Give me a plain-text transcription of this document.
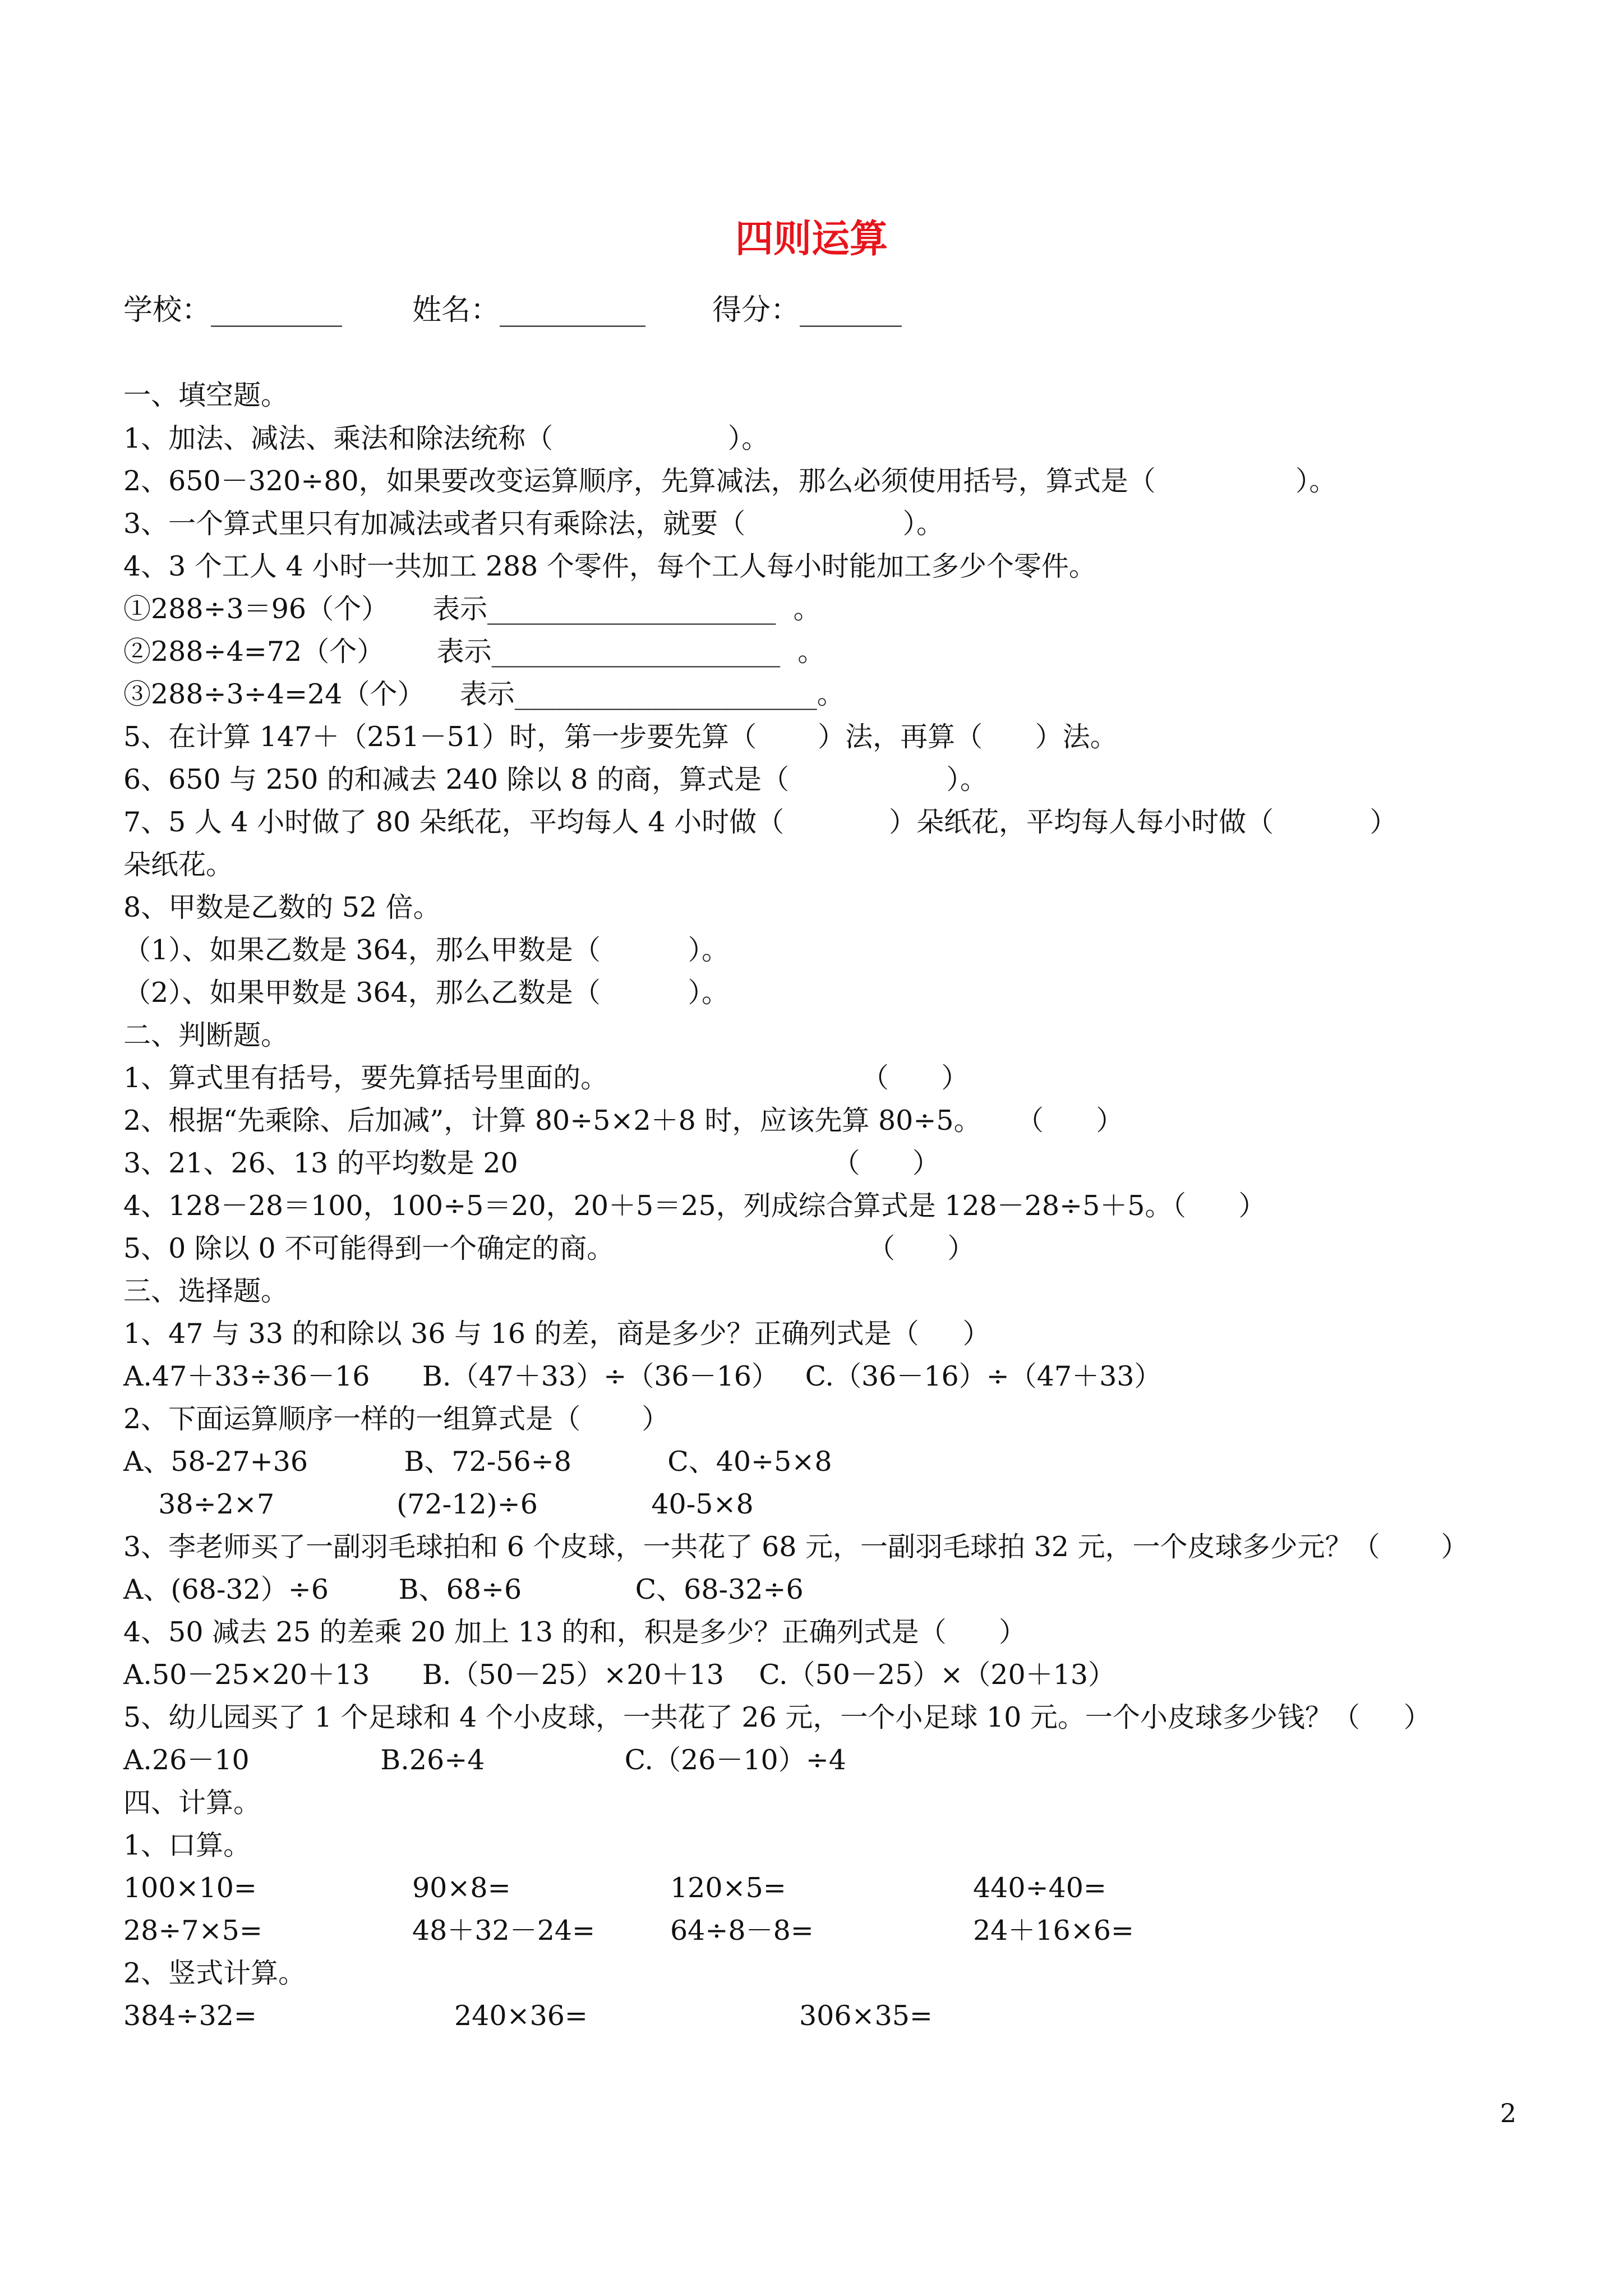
四则运算
学校：_________ 姓名：__________ 得分：_______
一、填空题。
1、加法、减法、乘法和除法统称（                    ）。
2、650－320÷80，如果要改变运算顺序，先算减法，那么必须使用括号，算式是（                ）。
3、一个算式里只有加减法或者只有乘除法，就要（                  ）。
4、3 个工人 4 小时一共加工 288 个零件，每个工人每小时能加工多少个零件。
①288÷3＝96（个）     表示_____________________  。
②288÷4=72（个）      表示_____________________  。
③288÷3÷4=24（个）    表示______________________。
5、在计算 147＋（251－51）时，第一步要先算（       ）法，再算（      ）法。
6、650 与 250 的和减去 240 除以 8 的商，算式是（                  ）。
7、5 人 4 小时做了 80 朵纸花，平均每人 4 小时做（            ）朵纸花，平均每人每小时做（           ）
朵纸花。
8、甲数是乙数的 52 倍。
（1）、如果乙数是 364，那么甲数是（          ）。
（2）、如果甲数是 364，那么乙数是（          ）。
二、判断题。
1、算式里有括号，要先算括号里面的。                             （      ）
2、根据“先乘除、后加减”，计算 80÷5×2＋8 时，应该先算 80÷5。    （      ）
3、21、26、13 的平均数是 20                                    （      ）
4、128－28＝100，100÷5＝20，20＋5＝25，列成综合算式是 128－28÷5＋5。（      ）
5、0 除以 0 不可能得到一个确定的商。                             （      ）
三、选择题。
1、47 与 33 的和除以 36 与 16 的差，商是多少？正确列式是（     ）
A.47＋33÷36－16      B.（47＋33）÷（36－16）   C.（36－16）÷（47＋33）
2、下面运算顺序一样的一组算式是（       ）
A、58-27+36           B、72-56÷8           C、40÷5×8
38÷2×7              (72-12)÷6             40-5×8
3、李老师买了一副羽毛球拍和 6 个皮球，一共花了 68 元，一副羽毛球拍 32 元，一个皮球多少元？（       ）
A、(68-32）÷6        B、68÷6             C、68-32÷6
4、50 减去 25 的差乘 20 加上 13 的和，积是多少？正确列式是（      ）
A.50－25×20＋13      B.（50－25）×20＋13    C.（50－25）×（20＋13）
5、幼儿园买了 1 个足球和 4 个小皮球，一共花了 26 元，一个小足球 10 元。一个小皮球多少钱？（     ）
A.26－10               B.26÷4                C.（26－10）÷4
四、计算。
1、口算。
100×10=	90×8=	120×5=	440÷40=
28÷7×5=	48＋32－24=	64÷8－8=	24＋16×6=
2、竖式计算。
384÷32=	240×36=	306×35=
2
